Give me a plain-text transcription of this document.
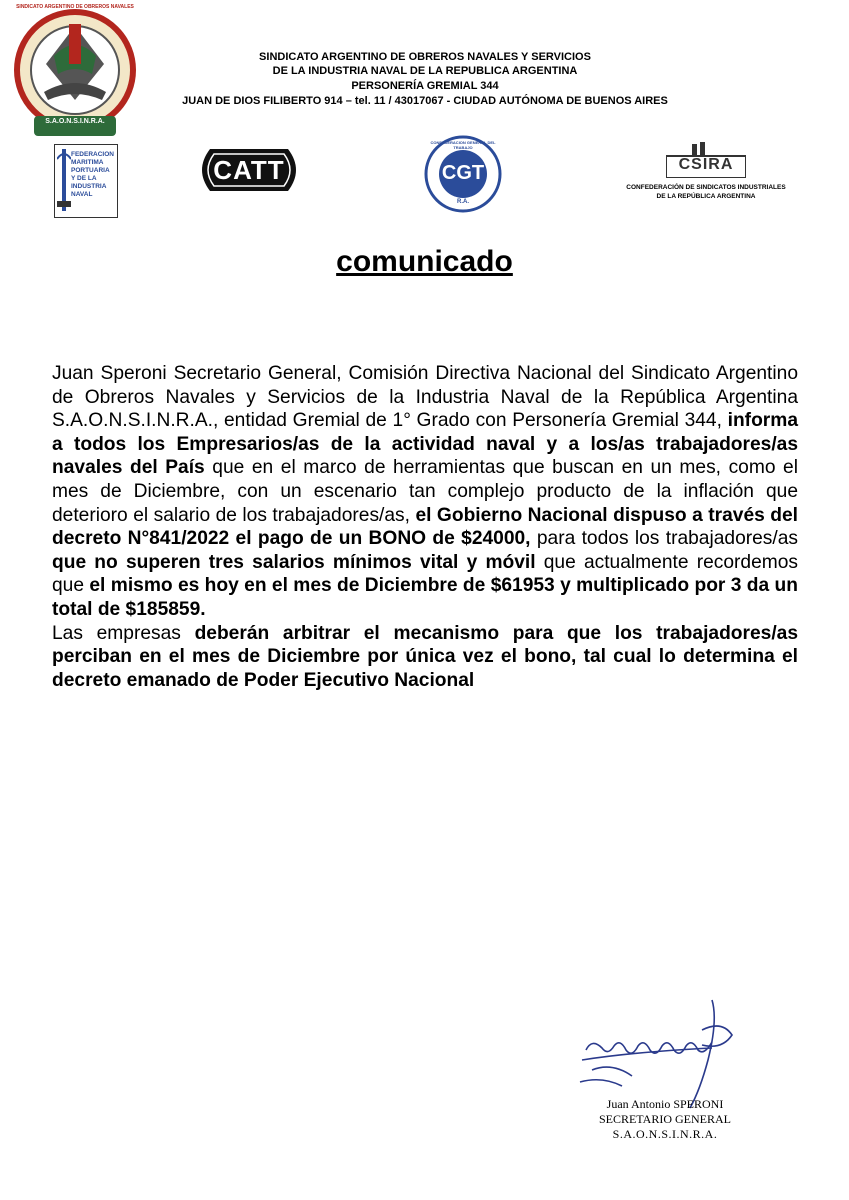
S.A.O.N.S.I.N.R.A.
SINDICATO ARGENTINO DE OBREROS NAVALES
SINDICATO ARGENTINO DE OBREROS NAVALES Y SERVICIOS
DE LA INDUSTRIA NAVAL DE LA REPUBLICA ARGENTINA
PERSONERÍA GREMIAL 344
JUAN DE DIOS FILIBERTO 914 – tel. 11 / 43017067 - CIUDAD AUTÓNOMA DE BUENOS AIRES
FEDERACION
MARITIMA
PORTUARIA
Y DE LA
INDUSTRIA NAVAL
CATT	CGT
CONFEDERACION GENERAL DEL TRABAJO
R.A.
CSIRA
CONFEDERACIÓN DE SINDICATOS INDUSTRIALES
DE LA REPÚBLICA ARGENTINA
comunicado

Juan Speroni Secretario General, Comisión Directiva Nacional del Sindicato Argentino de Obreros Navales y Servicios de la Industria Naval de la República Argentina S.A.O.N.S.I.N.R.A., entidad Gremial de 1° Grado con Personería Gremial 344, informa a todos los Empresarios/as de la actividad naval y a los/as trabajadores/as navales del País que en el marco de herramientas que buscan en un mes, como el mes de Diciembre, con un escenario tan complejo producto de la inflación que deterioro el salario de los trabajadores/as, el Gobierno Nacional dispuso a través del decreto N°841/2022 el pago de un BONO de $24000, para todos los trabajadores/as que no superen tres salarios mínimos vital y móvil que actualmente recordemos que el mismo es hoy en el mes de Diciembre de $61953 y multiplicado por 3 da un total de $185859.

Las empresas deberán arbitrar el mecanismo para que los trabajadores/as perciban en el mes de Diciembre por única vez el bono, tal cual lo determina el decreto emanado de Poder Ejecutivo Nacional

Juan Antonio SPERONI
SECRETARIO GENERAL
S.A.O.N.S.I.N.R.A.
